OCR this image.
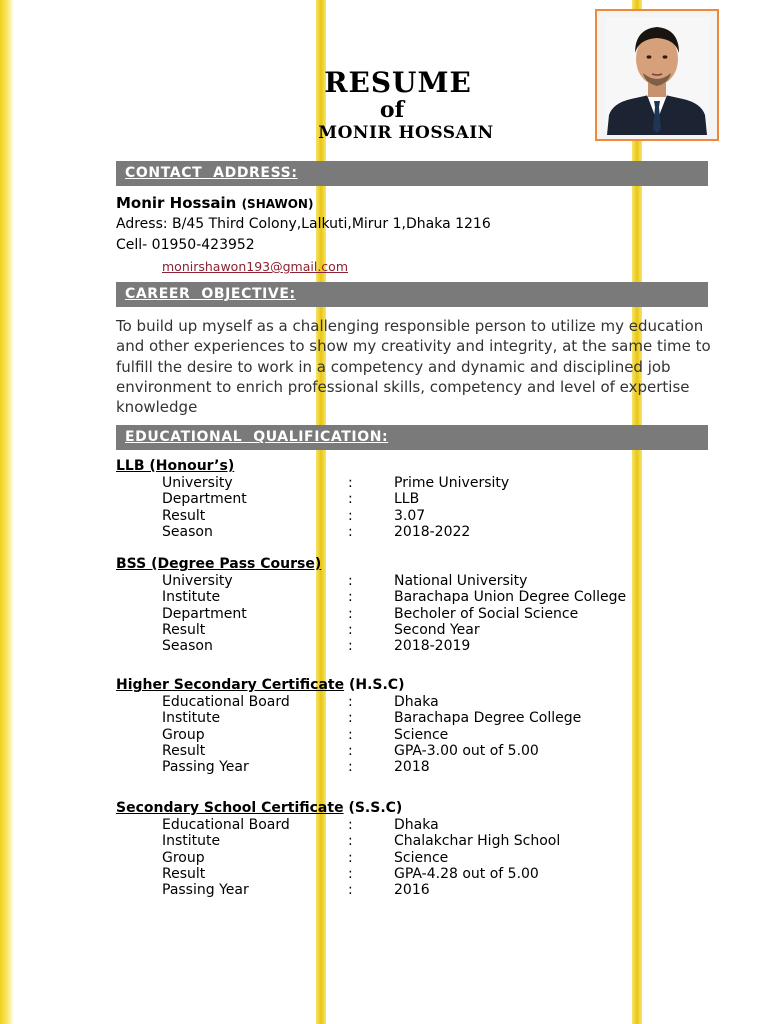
RESUME
of
MONIR HOSSAIN
CONTACT  ADDRESS:
Monir Hossain (SHAWON)
Adress: B/45 Third Colony,Lalkuti,Mirur 1,Dhaka 1216
Cell- 01950-423952
monirshawon193@gmail.com
CAREER  OBJECTIVE:
To build up myself as a challenging responsible person to utilize my education and other experiences to show my creativity and integrity, at the same time to fulfill the desire to work in a competency and dynamic and disciplined job environment to enrich professional skills, competency and level of expertise knowledge
EDUCATIONAL  QUALIFICATION:
LLB (Honour’s)
University	:	Prime University
Department	:	LLB
Result	:	3.07
Season	:	2018-2022
BSS (Degree Pass Course)
University	:	National University
Institute	:	Barachapa Union Degree College
Department	:	Becholer of Social Science
Result	:	Second Year
Season	:	2018-2019
Higher Secondary Certificate (H.S.C)
Educational Board	:	Dhaka
Institute	:	Barachapa Degree College
Group	:	Science
Result	:	GPA-3.00 out of 5.00
Passing Year	:	2018
Secondary School Certificate (S.S.C)
Educational Board	:	Dhaka
Institute	:	Chalakchar High School
Group	:	Science
Result	:	GPA-4.28 out of 5.00
Passing Year	:	2016
